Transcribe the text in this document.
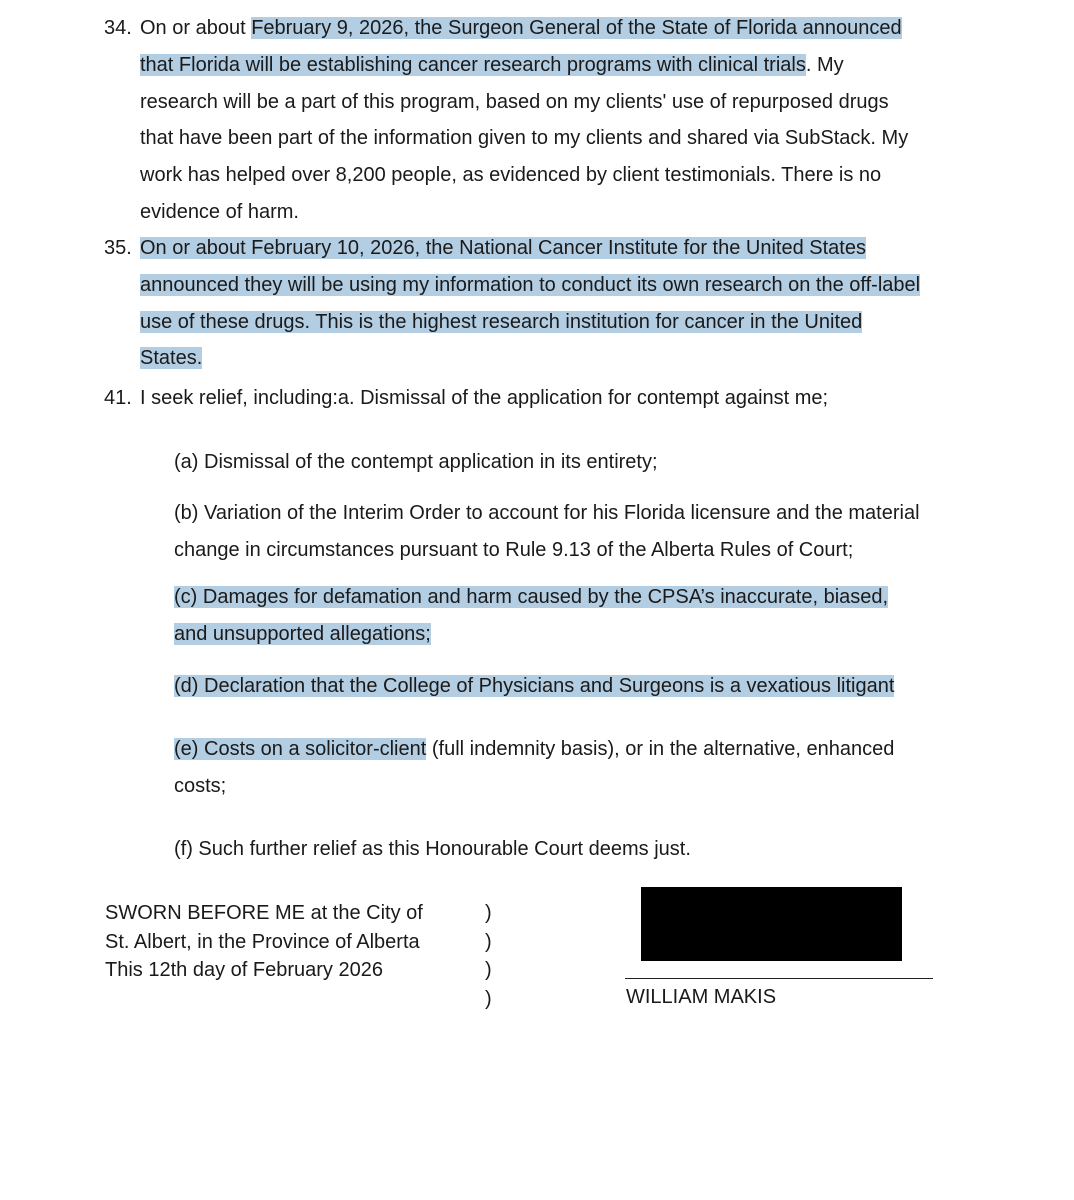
34. On or about February 9, 2026, the Surgeon General of the State of Florida announced
that Florida will be establishing cancer research programs with clinical trials. My
research will be a part of this program, based on my clients' use of repurposed drugs
that have been part of the information given to my clients and shared via SubStack. My
work has helped over 8,200 people, as evidenced by client testimonials. There is no
evidence of harm.
35. On or about February 10, 2026, the National Cancer Institute for the United States
announced they will be using my information to conduct its own research on the off-label
use of these drugs. This is the highest research institution for cancer in the United
States.
41. I seek relief, including:a. Dismissal of the application for contempt against me;
(a) Dismissal of the contempt application in its entirety;
(b) Variation of the Interim Order to account for his Florida licensure and the material
change in circumstances pursuant to Rule 9.13 of the Alberta Rules of Court;
(c) Damages for defamation and harm caused by the CPSA’s inaccurate, biased,
and unsupported allegations;
(d) Declaration that the College of Physicians and Surgeons is a vexatious litigant
(e) Costs on a solicitor-client (full indemnity basis), or in the alternative, enhanced
costs;
(f) Such further relief as this Honourable Court deems just.
SWORN BEFORE ME at the City of
St. Albert, in the Province of Alberta
This 12th day of February 2026
)
)
)
)	WILLIAM MAKIS
